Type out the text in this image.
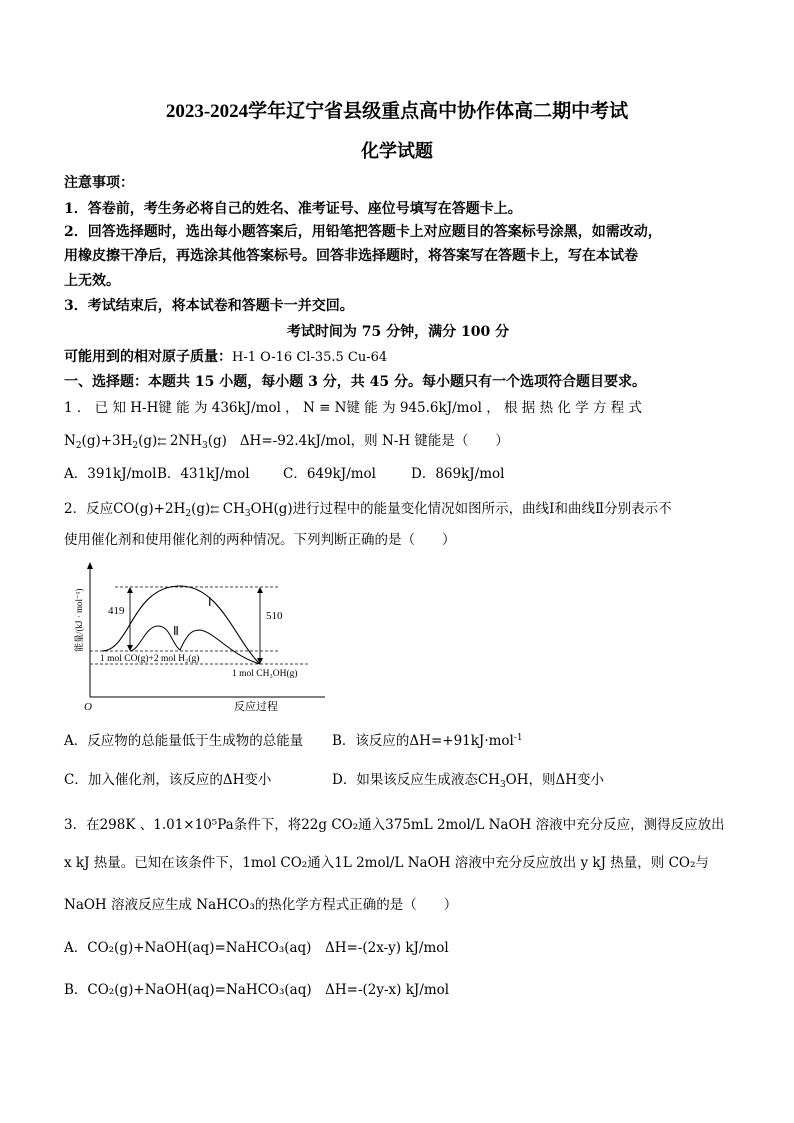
2023-2024学年辽宁省县级重点高中协作体高二期中考试
化学试题
注意事项：
1．答卷前，考生务必将自己的姓名、准考证号、座位号填写在答题卡上。
2．回答选择题时，选出每小题答案后，用铅笔把答题卡上对应题目的答案标号涂黑，如需改动，
用橡皮擦干净后，再选涂其他答案标号。回答非选择题时，将答案写在答题卡上，写在本试卷
上无效。
3．考试结束后，将本试卷和答题卡一并交回。
考试时间为 75 分钟，满分 100 分
可能用到的相对原子质量：H-1 O-16 Cl-35.5 Cu-64
一、选择题：本题共 15 小题，每小题 3 分，共 45 分。每小题只有一个选项符合题目要求。
1 ． 已 知 H-H键 能 为 436kJ/mol ， N ≡ N键 能 为 945.6kJ/mol ， 根 据 热 化 学 方 程 式
$N_2(g)+3H_2(g)⇇$ $2NH_3(g)$ ΔH=-92.4kJ/mol，则 N-H 键能是（　　）
A．391kJ/molB．431kJ/mol C．649kJ/mol	D．869kJ/mol
2．反应$CO(g)+2H_2(g)⇇$ $CH_3OH(g)$进行过程中的能量变化情况如图所示，曲线Ⅰ和曲线Ⅱ分别表示不
使用催化剂和使用催化剂的两种情况。下列判断正确的是（　　）
419	510
Ⅰ
Ⅱ
1 mol CO(g)+2 mol H₂(g)
1 mol CH₃OH(g)
O	反应过程
能量/(kJ · mol⁻¹)
A．反应物的总能量低于生成物的总能量 B．该反应的ΔH=+91kJ·mol$^{-1}$
C．加入催化剂，该反应的ΔH变小	D．如果该反应生成液态$CH_3OH$，则ΔH变小
3．在298K 、1.01×10⁵Pa条件下，将22g CO₂通入375mL 2mol/L NaOH 溶液中充分反应，测得反应放出
x kJ 热量。已知在该条件下，1mol CO₂通入1L 2mol/L NaOH 溶液中充分反应放出 y kJ 热量，则 CO₂与
NaOH 溶液反应生成 NaHCO₃的热化学方程式正确的是（　　）
A．CO₂(g)+NaOH(aq)=NaHCO₃(aq)　ΔH=-(2x-y) kJ/mol
B．CO₂(g)+NaOH(aq)=NaHCO₃(aq)　ΔH=-(2y-x) kJ/mol
